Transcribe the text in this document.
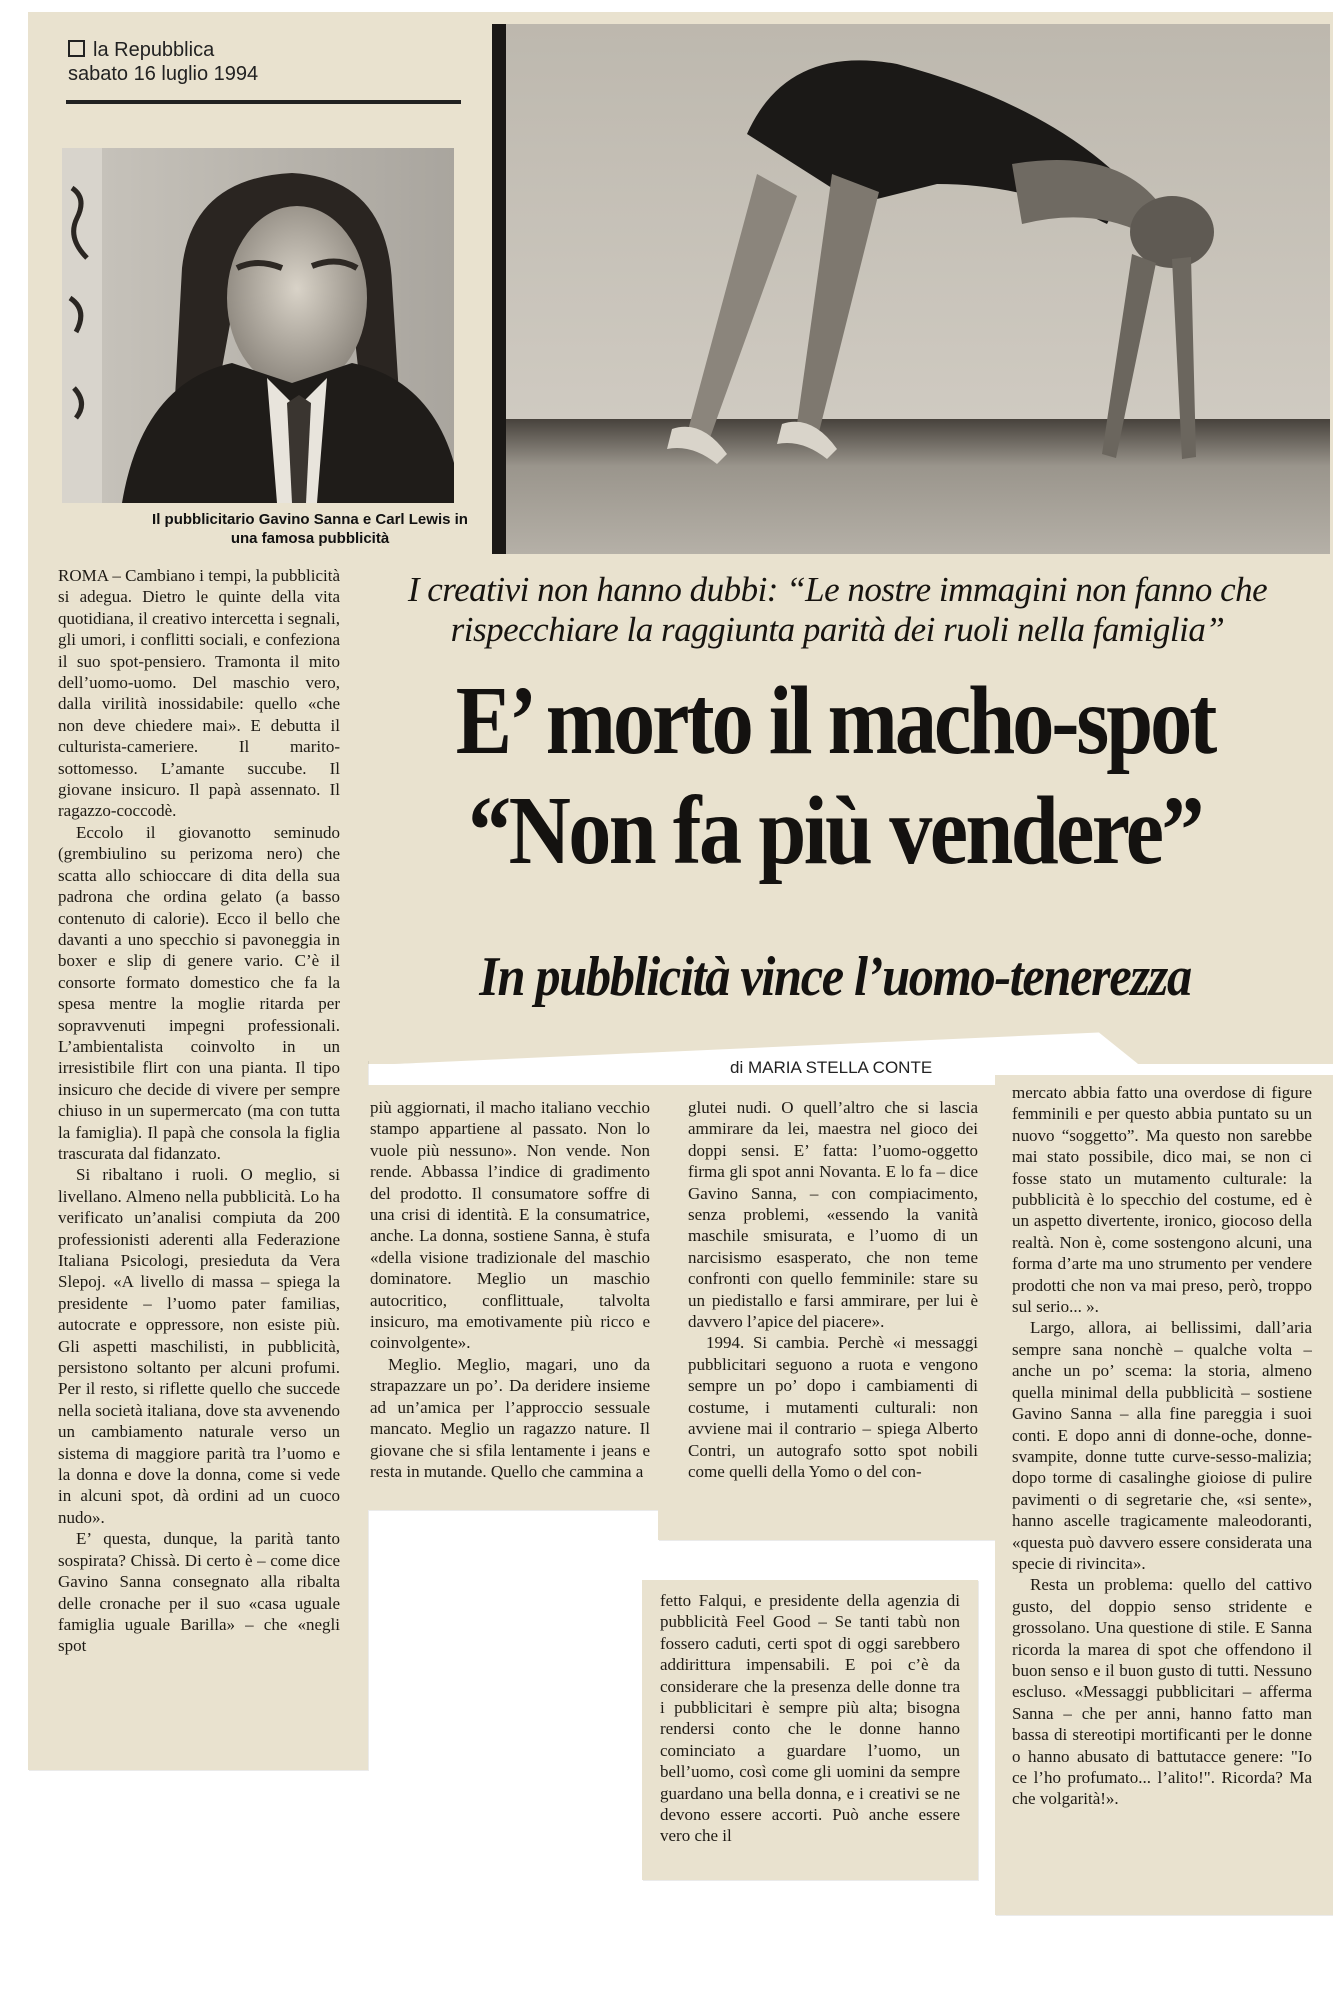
la Repubblica
sabato 16 luglio 1994
Il pubblicitario Gavino Sanna e Carl Lewis in una famosa pubblicità
I creativi non hanno dubbi: “Le nostre immagini non fanno che rispecchiare la raggiunta parità dei ruoli nella famiglia”
E’ morto il macho-spot
“Non fa più vendere”
In pubblicità vince l’uomo-tenerezza
di MARIA STELLA CONTE

ROMA – Cambiano i tempi, la pubblicità si adegua. Dietro le quinte della vita quotidiana, il creativo intercetta i segnali, gli umori, i conflitti sociali, e confeziona il suo spot-pensiero. Tramonta il mito dell’uomo-uomo. Del maschio vero, dalla virilità inossidabile: quello «che non deve chiedere mai». E debutta il culturista-cameriere. Il marito-sottomesso. L’amante succube. Il giovane insicuro. Il papà assennato. Il ragazzo-coccodè.

Eccolo il giovanotto seminudo (grembiulino su perizoma nero) che scatta allo schioccare di dita della sua padrona che ordina gelato (a basso contenuto di calorie). Ecco il bello che davanti a uno specchio si pavoneggia in boxer e slip di genere vario. C’è il consorte formato domestico che fa la spesa mentre la moglie ritarda per sopravvenuti impegni professionali. L’ambientalista coinvolto in un irresistibile flirt con una pianta. Il tipo insicuro che decide di vivere per sempre chiuso in un supermercato (ma con tutta la famiglia). Il papà che consola la figlia trascurata dal fidanzato.

Si ribaltano i ruoli. O meglio, si livellano. Almeno nella pubblicità. Lo ha verificato un’analisi compiuta da 200 professionisti aderenti alla Federazione Italiana Psicologi, presieduta da Vera Slepoj. «A livello di massa – spiega la presidente – l’uomo pater familias, autocrate e oppressore, non esiste più. Gli aspetti maschilisti, in pubblicità, persistono soltanto per alcuni profumi. Per il resto, si riflette quello che succede nella società italiana, dove sta avvenendo un cambiamento naturale verso un sistema di maggiore parità tra l’uomo e la donna e dove la donna, come si vede in alcuni spot, dà ordini ad un cuoco nudo».

E’ questa, dunque, la parità tanto sospirata? Chissà. Di certo è – come dice Gavino Sanna consegnato alla ribalta delle cronache per il suo «casa uguale famiglia uguale Barilla» – che «negli spot

più aggiornati, il macho italiano vecchio stampo appartiene al passato. Non lo vuole più nessuno». Non vende. Non rende. Abbassa l’indice di gradimento del prodotto. Il consumatore soffre di una crisi di identità. E la consumatrice, anche. La donna, sostiene Sanna, è stufa «della visione tradizionale del maschio dominatore. Meglio un maschio autocritico, conflittuale, talvolta insicuro, ma emotivamente più ricco e coinvolgente».

Meglio. Meglio, magari, uno da strapazzare un po’. Da deridere insieme ad un’amica per l’approccio sessuale mancato. Meglio un ragazzo nature. Il giovane che si sfila lentamente i jeans e resta in mutande. Quello che cammina a

glutei nudi. O quell’altro che si lascia ammirare da lei, maestra nel gioco dei doppi sensi. E’ fatta: l’uomo-oggetto firma gli spot anni Novanta. E lo fa – dice Gavino Sanna, – con compiacimento, senza problemi, «essendo la vanità maschile smisurata, e l’uomo di un narcisismo esasperato, che non teme confronti con quello femminile: stare su un piedistallo e farsi ammirare, per lui è davvero l’apice del piacere».

1994. Si cambia. Perchè «i messaggi pubblicitari seguono a ruota e vengono sempre un po’ dopo i cambiamenti di costume, i mutamenti culturali: non avviene mai il contrario – spiega Alberto Contri, un autografo sotto spot nobili come quelli della Yomo o del con-

fetto Falqui, e presidente della agenzia di pubblicità Feel Good – Se tanti tabù non fossero caduti, certi spot di oggi sarebbero addirittura impensabili. E poi c’è da considerare che la presenza delle donne tra i pubblicitari è sempre più alta; bisogna rendersi conto che le donne hanno cominciato a guardare l’uomo, un bell’uomo, così come gli uomini da sempre guardano una bella donna, e i creativi se ne devono essere accorti. Può anche essere vero che il

mercato abbia fatto una overdose di figure femminili e per questo abbia puntato su un nuovo “soggetto”. Ma questo non sarebbe mai stato possibile, dico mai, se non ci fosse stato un mutamento culturale: la pubblicità è lo specchio del costume, ed è un aspetto divertente, ironico, giocoso della realtà. Non è, come sostengono alcuni, una forma d’arte ma uno strumento per vendere prodotti che non va mai preso, però, troppo sul serio... ».

Largo, allora, ai bellissimi, dall’aria sempre sana nonchè – qualche volta – anche un po’ scema: la storia, almeno quella minimal della pubblicità – sostiene Gavino Sanna – alla fine pareggia i suoi conti. E dopo anni di donne-oche, donne-svampite, donne tutte curve-sesso-malizia; dopo torme di casalinghe gioiose di pulire pavimenti o di segretarie che, «si sente», hanno ascelle tragicamente maleodoranti, «questa può davvero essere considerata una specie di rivincita».

Resta un problema: quello del cattivo gusto, del doppio senso stridente e grossolano. Una questione di stile. E Sanna ricorda la marea di spot che offendono il buon senso e il buon gusto di tutti. Nessuno escluso. «Messaggi pubblicitari – afferma Sanna – che per anni, hanno fatto man bassa di stereotipi mortificanti per le donne o hanno abusato di battutacce genere: "Io ce l’ho profumato... l’alito!". Ricorda? Ma che volgarità!».
